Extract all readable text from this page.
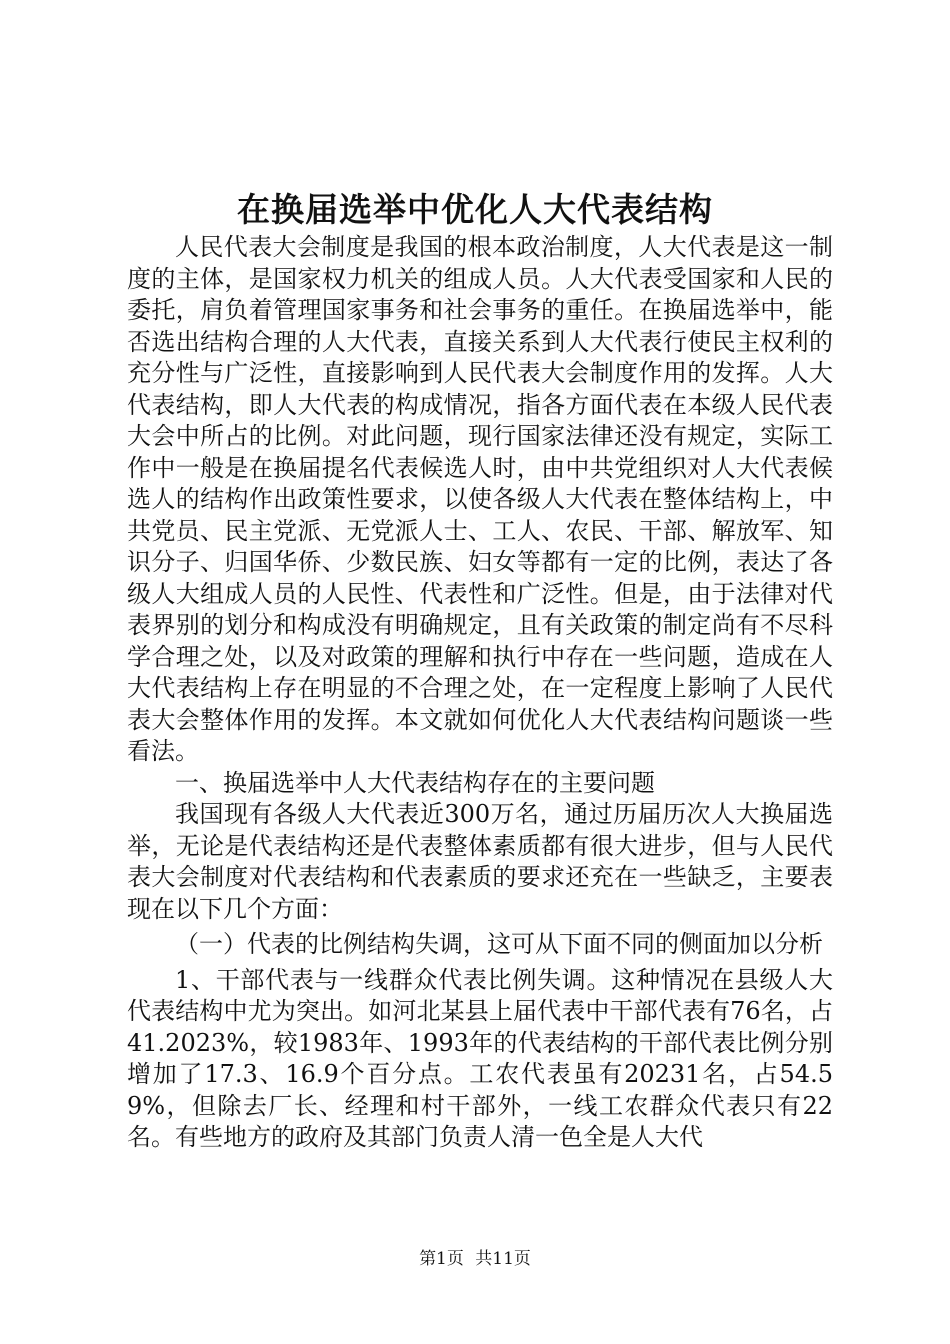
在换届选举中优化人大代表结构

人民代表大会制度是我国的根本政治制度，人大代表是这一制度的主体，是国家权力机关的组成人员。人大代表受国家和人民的委托，肩负着管理国家事务和社会事务的重任。在换届选举中，能否选出结构合理的人大代表，直接关系到人大代表行使民主权利的充分性与广泛性，直接影响到人民代表大会制度作用的发挥。人大代表结构，即人大代表的构成情况，指各方面代表在本级人民代表大会中所占的比例。对此问题，现行国家法律还没有规定，实际工作中一般是在换届提名代表候选人时，由中共党组织对人大代表候选人的结构作出政策性要求，以使各级人大代表在整体结构上，中共党员、民主党派、无党派人士、工人、农民、干部、解放军、知识分子、归国华侨、少数民族、妇女等都有一定的比例，表达了各级人大组成人员的人民性、代表性和广泛性。但是，由于法律对代表界别的划分和构成没有明确规定，且有关政策的制定尚有不尽科学合理之处，以及对政策的理解和执行中存在一些问题，造成在人大代表结构上存在明显的不合理之处，在一定程度上影响了人民代表大会整体作用的发挥。本文就如何优化人大代表结构问题谈一些看法。

一、换届选举中人大代表结构存在的主要问题

我国现有各级人大代表近300万名，通过历届历次人大换届选举，无论是代表结构还是代表整体素质都有很大进步，但与人民代表大会制度对代表结构和代表素质的要求还充在一些缺乏，主要表现在以下几个方面：

（一）代表的比例结构失调，这可从下面不同的侧面加以分析

1、干部代表与一线群众代表比例失调。这种情况在县级人大代表结构中尤为突出。如河北某县上届代表中干部代表有76名，占41.2023%，较1983年、1993年的代表结构的干部代表比例分别增加了17.3、16.9个百分点。工农代表虽有20231名，占54.59%，但除去厂长、经理和村干部外，一线工农群众代表只有22名。有些地方的政府及其部门负责人清一色全是人大代

第1页 共11页
